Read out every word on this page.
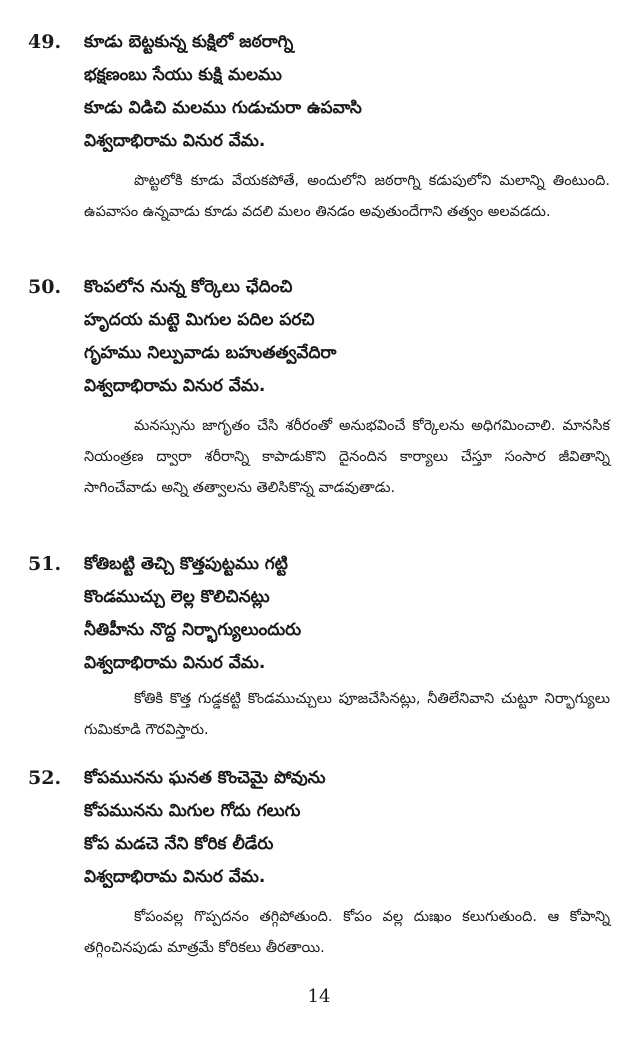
49. కూడు బెట్టకున్న కుక్షిలో జఠరాగ్ని
భక్షణంబు సేయు కుక్షి మలము
కూడు విడిచి మలము గుడుచురా ఉపవాసి
విశ్వదాభిరామ వినుర వేమ.
పొట్టలోకి కూడు వేయకపోతే, అందులోని జఠరాగ్ని కడుపులోని మలాన్ని తింటుంది. ఉపవాసం ఉన్నవాడు కూడు వదలి మలం తినడం అవుతుందేగాని తత్వం అలవడదు.
50. కొంపలోన నున్న కోర్కెలు ఛేదించి
హృదయ మట్టె మిగుల పదిల పరచి
గృహము నిల్పువాడు బహుతత్వవేదిరా
విశ్వదాభిరామ వినుర వేమ.
మనస్సును జాగృతం చేసి శరీరంతో అనుభవించే కోర్కెలను అధిగమించాలి. మానసిక నియంత్రణ ద్వారా శరీరాన్ని కాపాడుకొని దైనందిన కార్యాలు చేస్తూ సంసార జీవితాన్ని సాగించేవాడు అన్ని తత్వాలను తెలిసికొన్న వాడవుతాడు.
51. కోతిబట్టి తెచ్చి కొత్తపుట్టము గట్టి
కొండముచ్చు లెల్ల కొలిచినట్లు
నీతిహీను నొద్ద నిర్భాగ్యులుందురు
విశ్వదాభిరామ వినుర వేమ.
కోతికి కొత్త గుడ్డకట్టి కొండముచ్చులు పూజచేసినట్లు, నీతిలేనివాని చుట్టూ నిర్భాగ్యులు గుమికూడి గౌరవిస్తారు.
52. కోపమునను ఘనత కొంచెమై పోవును
కోపమునను మిగుల గోదు గలుగు
కోప మడచె నేని కోరిక లీడేరు
విశ్వదాభిరామ వినుర వేమ.
కోపంవల్ల గొప్పదనం తగ్గిపోతుంది. కోపం వల్ల దుఃఖం కలుగుతుంది. ఆ కోపాన్ని తగ్గించినపుడు మాత్రమే కోరికలు తీరతాయి.
14
